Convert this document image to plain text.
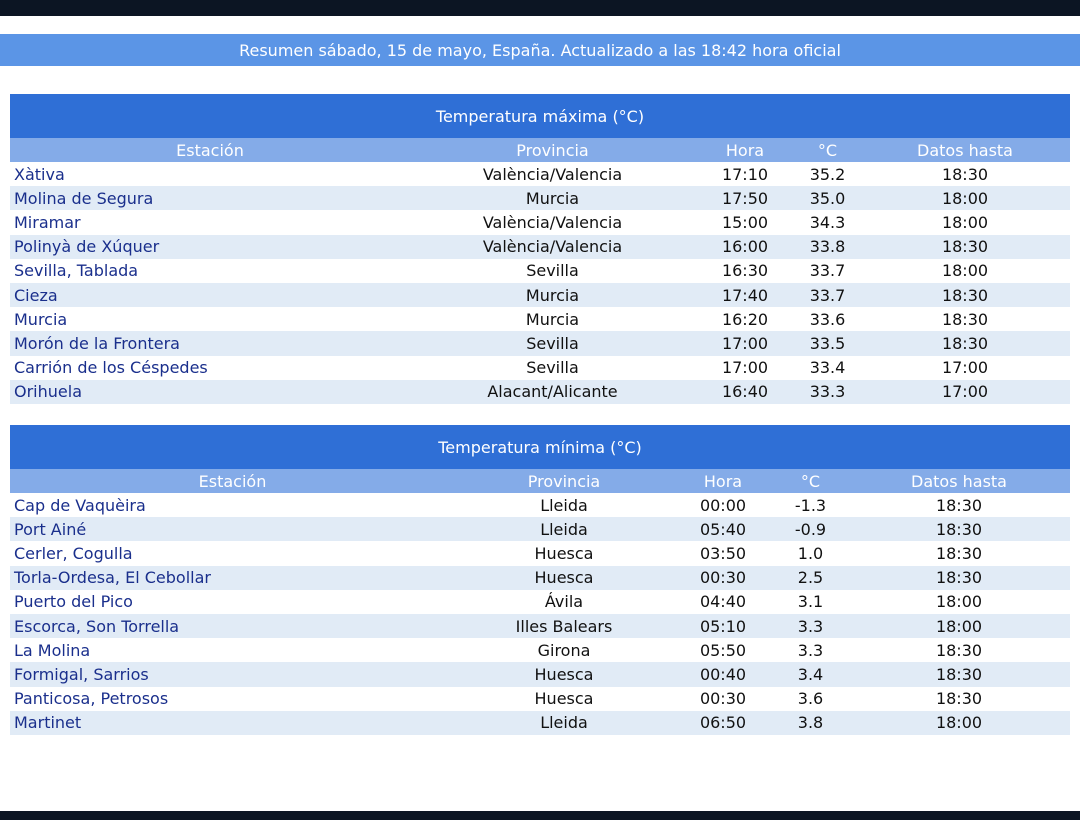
Resumen sábado, 15 de mayo, España. Actualizado a las 18:42 hora oficial
Temperatura máxima (°C)
Estación	Provincia	Hora	°C	Datos hasta
Xàtiva	València/Valencia	17:10	35.2	18:30
Molina de Segura	Murcia	17:50	35.0	18:00
Miramar	València/Valencia	15:00	34.3	18:00
Polinyà de Xúquer	València/Valencia	16:00	33.8	18:30
Sevilla, Tablada	Sevilla	16:30	33.7	18:00
Cieza	Murcia	17:40	33.7	18:30
Murcia	Murcia	16:20	33.6	18:30
Morón de la Frontera	Sevilla	17:00	33.5	18:30
Carrión de los Céspedes	Sevilla	17:00	33.4	17:00
Orihuela	Alacant/Alicante	16:40	33.3	17:00
Temperatura mínima (°C)
Estación	Provincia	Hora	°C	Datos hasta
Cap de Vaquèira	Lleida	00:00	-1.3	18:30
Port Ainé	Lleida	05:40	-0.9	18:30
Cerler, Cogulla	Huesca	03:50	1.0	18:30
Torla-Ordesa, El Cebollar	Huesca	00:30	2.5	18:30
Puerto del Pico	Ávila	04:40	3.1	18:00
Escorca, Son Torrella	Illes Balears	05:10	3.3	18:00
La Molina	Girona	05:50	3.3	18:30
Formigal, Sarrios	Huesca	00:40	3.4	18:30
Panticosa, Petrosos	Huesca	00:30	3.6	18:30
Martinet	Lleida	06:50	3.8	18:00
